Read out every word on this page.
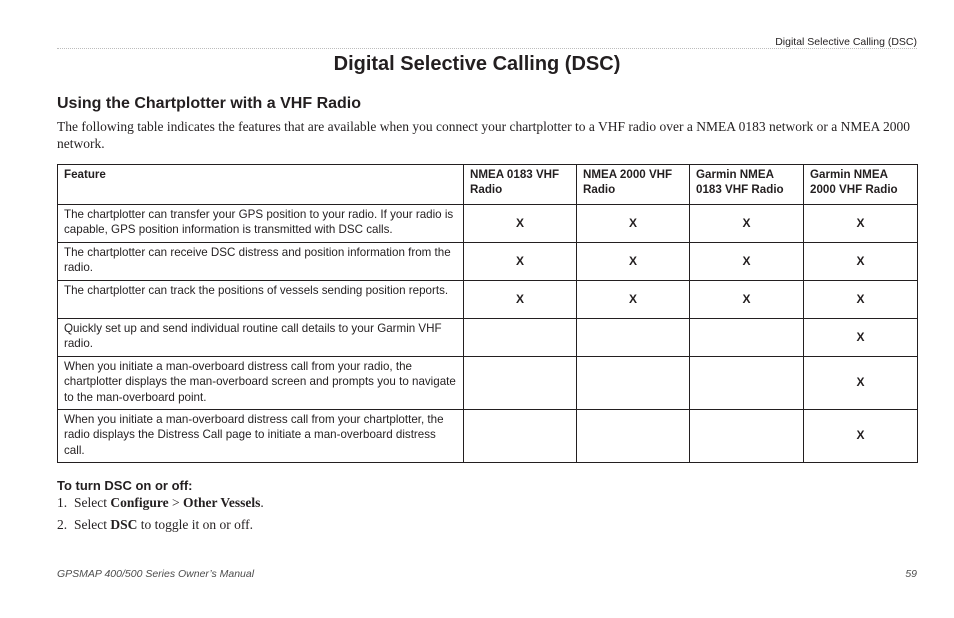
Digital Selective Calling (DSC)
Digital Selective Calling (DSC)
Using the Chartplotter with a VHF Radio

The following table indicates the features that are available when you connect your chartplotter to a VHF radio over a NMEA 0183 network or a NMEA 2000 network.

Feature	NMEA 0183 VHF Radio	NMEA 2000 VHF Radio	Garmin NMEA 0183 VHF Radio	Garmin NMEA 2000 VHF Radio
The chartplotter can transfer your GPS position to your radio. If your radio is capable, GPS position information is transmitted with DSC calls.	X	X	X	X
The chartplotter can receive DSC distress and position information from the radio.	X	X	X	X
The chartplotter can track the positions of vessels sending position reports.	X	X	X	X
Quickly set up and send individual routine call details to your Garmin VHF radio.				X
When you initiate a man-overboard distress call from your radio, the chartplotter displays the man-overboard screen and prompts you to navigate to the man-overboard point.				X
When you initiate a man-overboard distress call from your chartplotter, the radio displays the Distress Call page to initiate a man-overboard distress call.				X
To turn DSC on or off:

1. Select Configure > Other Vessels.

2. Select DSC to toggle it on or off.

GPSMAP 400/500 Series Owner’s Manual	59
